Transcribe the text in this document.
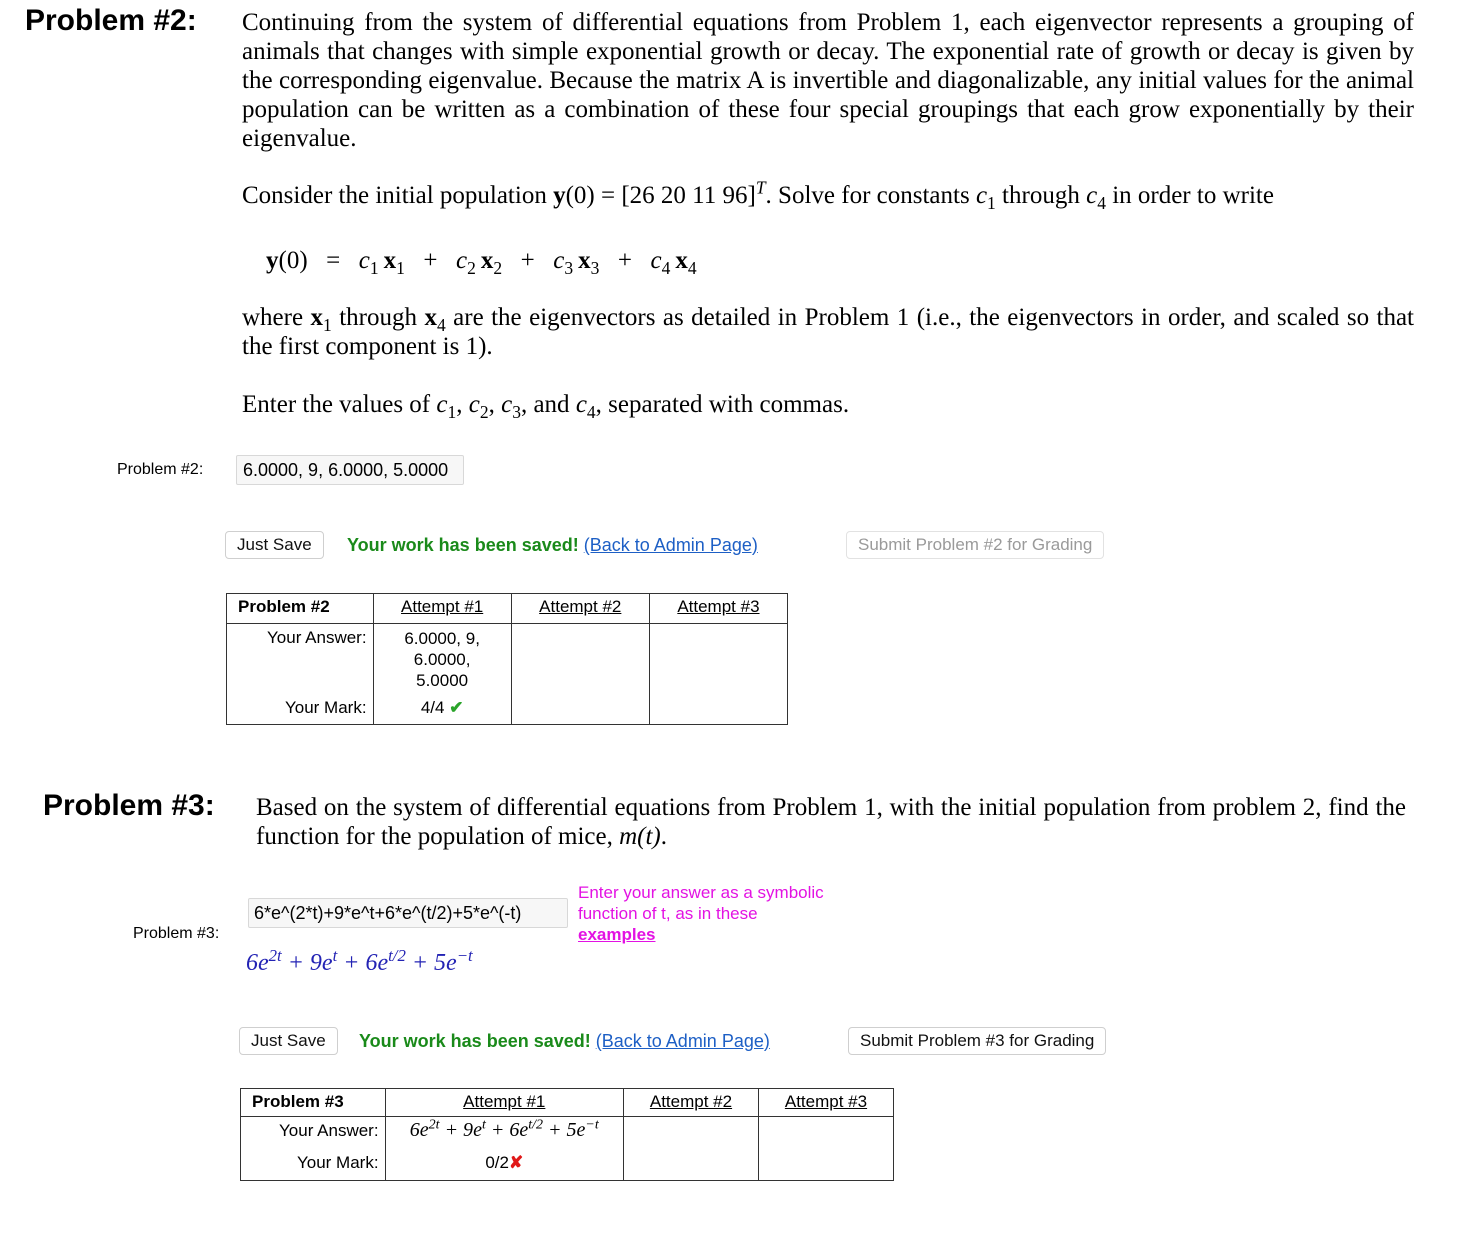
Problem #2: Continuing from the system of differential equations from Problem 1, each eigenvector represents a grouping of animals that changes with simple exponential growth or decay. The exponential rate of growth or decay is given by the corresponding eigenvalue. Because the matrix A is invertible and diagonalizable, any initial values for the animal population can be written as a combination of these four special groupings that each grow exponentially by their eigenvalue.
Consider the initial population y(0) = [26 20 11 96]$^T$. Solve for constants $c_1$ through $c_4$ in order to write
$y(0) = c_1$  $x_1 + c_2$  $x_2 + c_3$  $x_3 + c_4$  $x_4$
where $x_1$ through $x_4$ are the eigenvectors as detailed in Problem 1 (i.e., the eigenvectors in order, and scaled so that the first component is 1).
Enter the values of $c_1$, $c_2$, $c_3$, and $c_4$, separated with commas.
Problem #2:
6.0000, 9, 6.0000, 5.0000
Just Save	Your work has been saved! (Back to Admin Page)	Submit Problem #2 for Grading
Problem #2	Attempt #1	Attempt #2	Attempt #3
Your Answer:	6.0000, 9,
6.0000,
5.0000		

Your Mark:	4/4 ✔		
Problem #3: Based on the system of differential equations from Problem 1, with the initial population from problem 2, find the function for the population of mice, m(t).
Problem #3:
6*e^(2*t)+9*e^t+6*e^(t/2)+5*e^(-t)
Enter your answer as a symbolic
function of t, as in these
examples
$6e^{2t} + 9e^t + 6e^{t/2} + 5e^{-t}$
Just Save	Your work has been saved! (Back to Admin Page)	Submit Problem #3 for Grading
Problem #3	Attempt #1	Attempt #2	Attempt #3
Your Answer:	$6e^{2t} + 9e^t + 6e^{t/2} + 5e^{-t}$		
Your Mark:	0/2✘		
